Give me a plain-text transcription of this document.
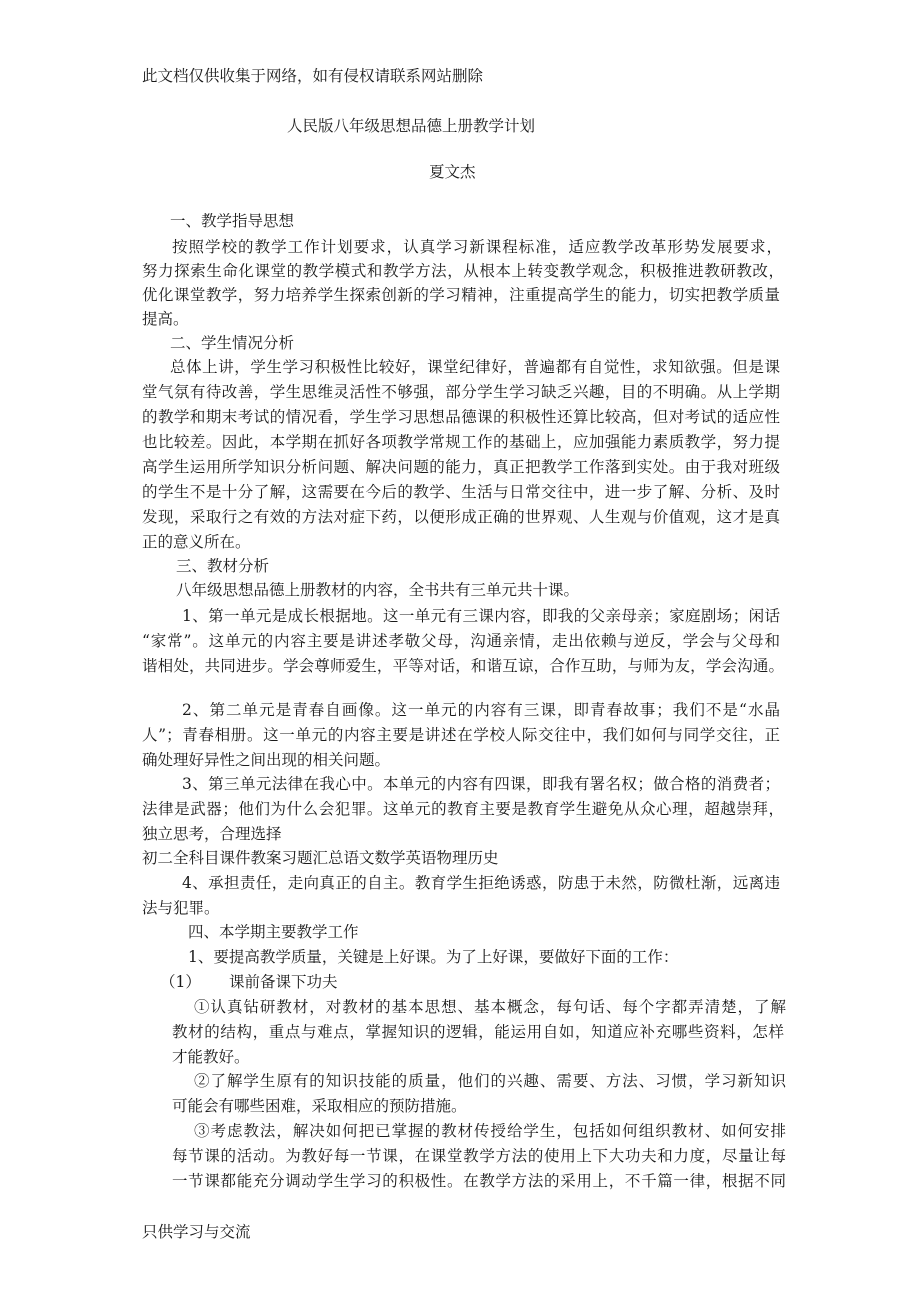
此文档仅供收集于网络，如有侵权请联系网站删除
人民版八年级思想品德上册教学计划
夏文杰
一、教学指导思想
按照学校的教学工作计划要求，认真学习新课程标准，适应教学改革形势发展要求，
努力探索生命化课堂的教学模式和教学方法，从根本上转变教学观念，积极推进教研教改，
优化课堂教学，努力培养学生探索创新的学习精神，注重提高学生的能力，切实把教学质量
提高。
二、学生情况分析
总体上讲，学生学习积极性比较好，课堂纪律好，普遍都有自觉性，求知欲强。但是课
堂气氛有待改善，学生思维灵活性不够强，部分学生学习缺乏兴趣，目的不明确。从上学期
的教学和期末考试的情况看，学生学习思想品德课的积极性还算比较高，但对考试的适应性
也比较差。因此，本学期在抓好各项教学常规工作的基础上，应加强能力素质教学，努力提
高学生运用所学知识分析问题、解决问题的能力，真正把教学工作落到实处。由于我对班级
的学生不是十分了解，这需要在今后的教学、生活与日常交往中，进一步了解、分析、及时
发现，采取行之有效的方法对症下药，以便形成正确的世界观、人生观与价值观，这才是真
正的意义所在。
三、教材分析
八年级思想品德上册教材的内容，全书共有三单元共十课。
1、第一单元是成长根据地。这一单元有三课内容，即我的父亲母亲；家庭剧场；闲话
“家常”。这单元的内容主要是讲述孝敬父母，沟通亲情，走出依赖与逆反，学会与父母和
谐相处，共同进步。学会尊师爱生，平等对话，和谐互谅，合作互助，与师为友，学会沟通。
2、第二单元是青春自画像。这一单元的内容有三课，即青春故事；我们不是“水晶
人”；青春相册。这一单元的内容主要是讲述在学校人际交往中，我们如何与同学交往，正
确处理好异性之间出现的相关问题。
3、第三单元法律在我心中。本单元的内容有四课，即我有署名权；做合格的消费者；
法律是武器；他们为什么会犯罪。这单元的教育主要是教育学生避免从众心理，超越崇拜，
独立思考，合理选择
初二全科目课件教案习题汇总语文数学英语物理历史
4、承担责任，走向真正的自主。教育学生拒绝诱惑，防患于未然，防微杜渐，远离违
法与犯罪。
四、本学期主要教学工作
1、要提高教学质量，关键是上好课。为了上好课，要做好下面的工作：
（1） 课前备课下功夫
①认真钻研教材，对教材的基本思想、基本概念，每句话、每个字都弄清楚，了解
教材的结构，重点与难点，掌握知识的逻辑，能运用自如，知道应补充哪些资料，怎样
才能教好。
②了解学生原有的知识技能的质量，他们的兴趣、需要、方法、习惯，学习新知识
可能会有哪些困难，采取相应的预防措施。
③考虑教法，解决如何把已掌握的教材传授给学生，包括如何组织教材、如何安排
每节课的活动。为教好每一节课，在课堂教学方法的使用上下大功夫和力度，尽量让每
一节课都能充分调动学生学习的积极性。在教学方法的采用上，不千篇一律，根据不同
只供学习与交流
